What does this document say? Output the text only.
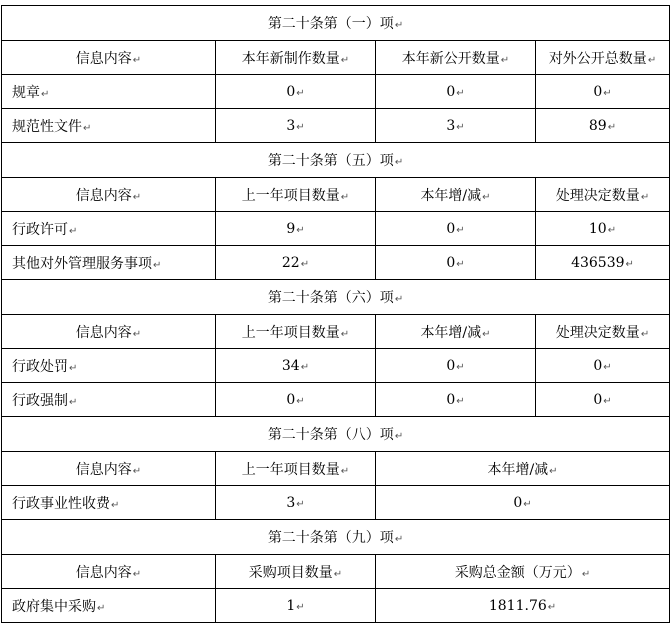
第二十条第（一）项↵			
信息内容↵	本年新制作数量↵	本年新公开数量↵	对外公开总数量↵
规章↵	0↵	0↵	0↵
规范性文件↵	3↵	3↵	89↵
第二十条第（五）项↵			
信息内容↵	上一年项目数量↵	本年增/减↵	处理决定数量↵
行政许可↵	9↵	0↵	10↵
其他对外管理服务事项↵	22↵	0↵	436539↵
第二十条第（六）项↵			
信息内容↵	上一年项目数量↵	本年增/减↵	处理决定数量↵
行政处罚↵	34↵	0↵	0↵
行政强制↵	0↵	0↵	0↵
第二十条第（八）项↵			
信息内容↵	上一年项目数量↵	本年增/减↵	
行政事业性收费↵	3↵	0↵	
第二十条第（九）项↵			
信息内容↵	采购项目数量↵	采购总金额（万元）↵	
政府集中采购↵	1↵	1811.76↵	
